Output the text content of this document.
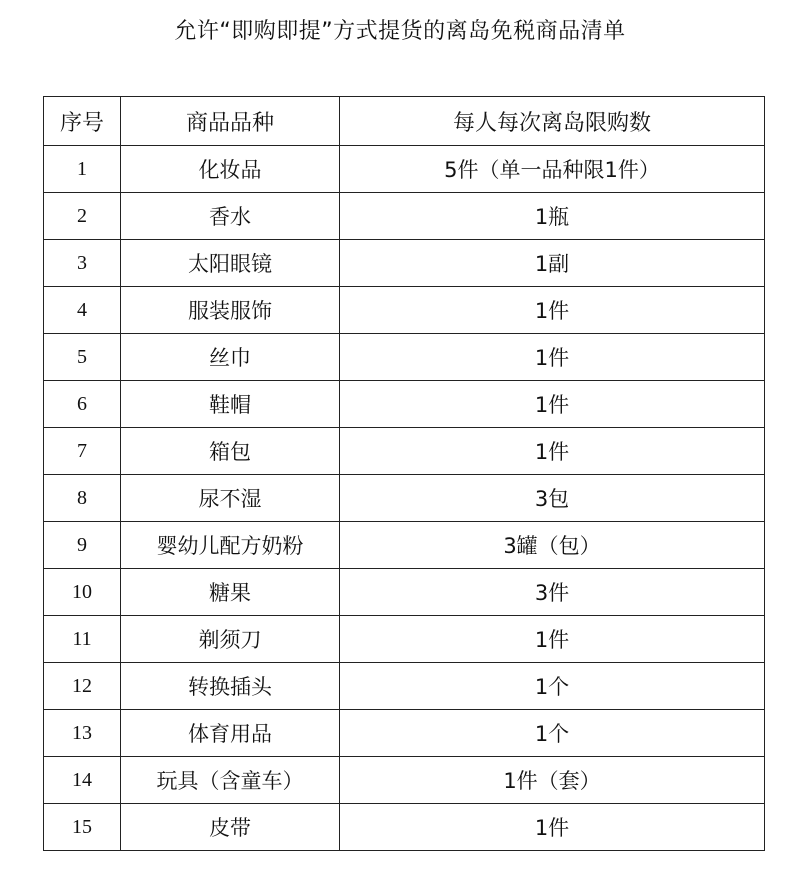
允许“即购即提”方式提货的离岛免税商品清单
序号	商品品种	每人每次离岛限购数
1	化妆品	5件（单一品种限1件）
2	香水	1瓶
3	太阳眼镜	1副
4	服装服饰	1件
5	丝巾	1件
6	鞋帽	1件
7	箱包	1件
8	尿不湿	3包
9	婴幼儿配方奶粉	3罐（包）
10	糖果	3件
11	剃须刀	1件
12	转换插头	1个
13	体育用品	1个
14	玩具（含童车）	1件（套）
15	皮带	1件
